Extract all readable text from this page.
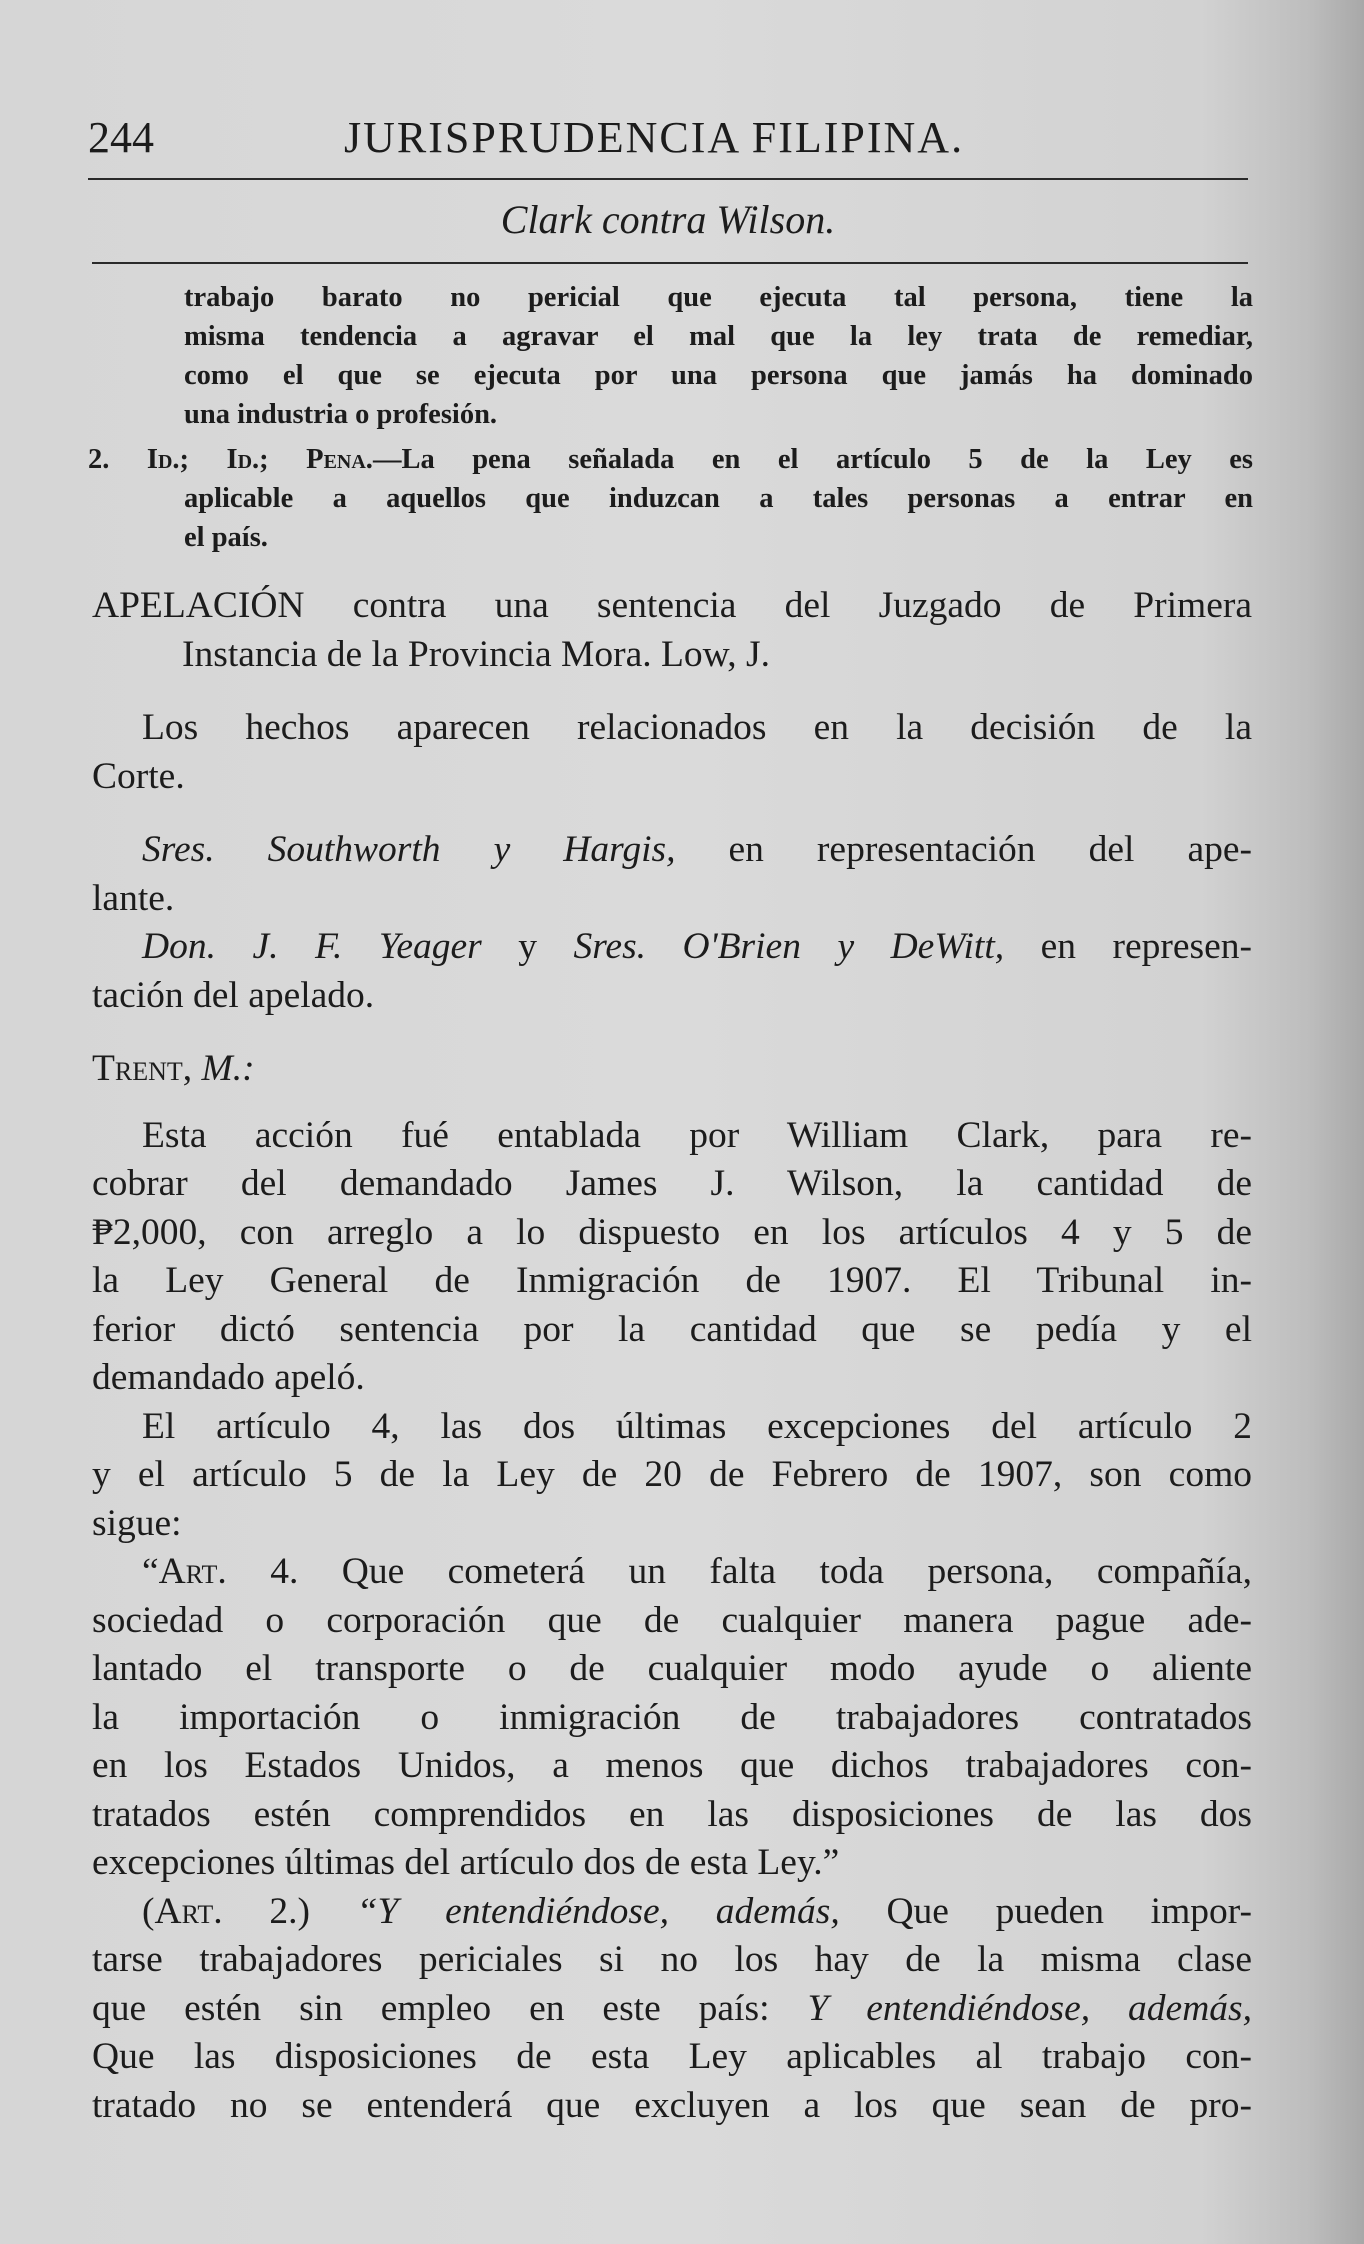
244	JURISPRUDENCIA FILIPINA.
Clark contra Wilson.

trabajo barato no pericial que ejecuta tal persona, tiene la

misma tendencia a agravar el mal que la ley trata de remediar,

como el que se ejecuta por una persona que jamás ha dominado

una industria o profesión.

2. Id.; Id.; Pena.—La pena señalada en el artículo 5 de la Ley es

aplicable a aquellos que induzcan a tales personas a entrar en

el país.

APELACIÓN contra una sentencia del Juzgado de Primera

Instancia de la Provincia Mora. Low, J.

Los hechos aparecen relacionados en la decisión de la

Corte.

Sres. Southworth y Hargis, en representación del ape-

lante.

Don. J. F. Yeager y Sres. O'Brien y DeWitt, en represen-

tación del apelado.

Trent, M.:

Esta acción fué entablada por William Clark, para re-

cobrar del demandado James J. Wilson, la cantidad de

₱2,000, con arreglo a lo dispuesto en los artículos 4 y 5 de

la Ley General de Inmigración de 1907. El Tribunal in-

ferior dictó sentencia por la cantidad que se pedía y el

demandado apeló.

El artículo 4, las dos últimas excepciones del artículo 2

y el artículo 5 de la Ley de 20 de Febrero de 1907, son como

sigue:

“Art. 4. Que cometerá un falta toda persona, compañía,

sociedad o corporación que de cualquier manera pague ade-

lantado el transporte o de cualquier modo ayude o aliente

la importación o inmigración de trabajadores contratados

en los Estados Unidos, a menos que dichos trabajadores con-

tratados estén comprendidos en las disposiciones de las dos

excepciones últimas del artículo dos de esta Ley.”

(Art. 2.) “Y entendiéndose, además, Que pueden impor-

tarse trabajadores periciales si no los hay de la misma clase

que estén sin empleo en este país: Y entendiéndose, además,

Que las disposiciones de esta Ley aplicables al trabajo con-

tratado no se entenderá que excluyen a los que sean de pro-
